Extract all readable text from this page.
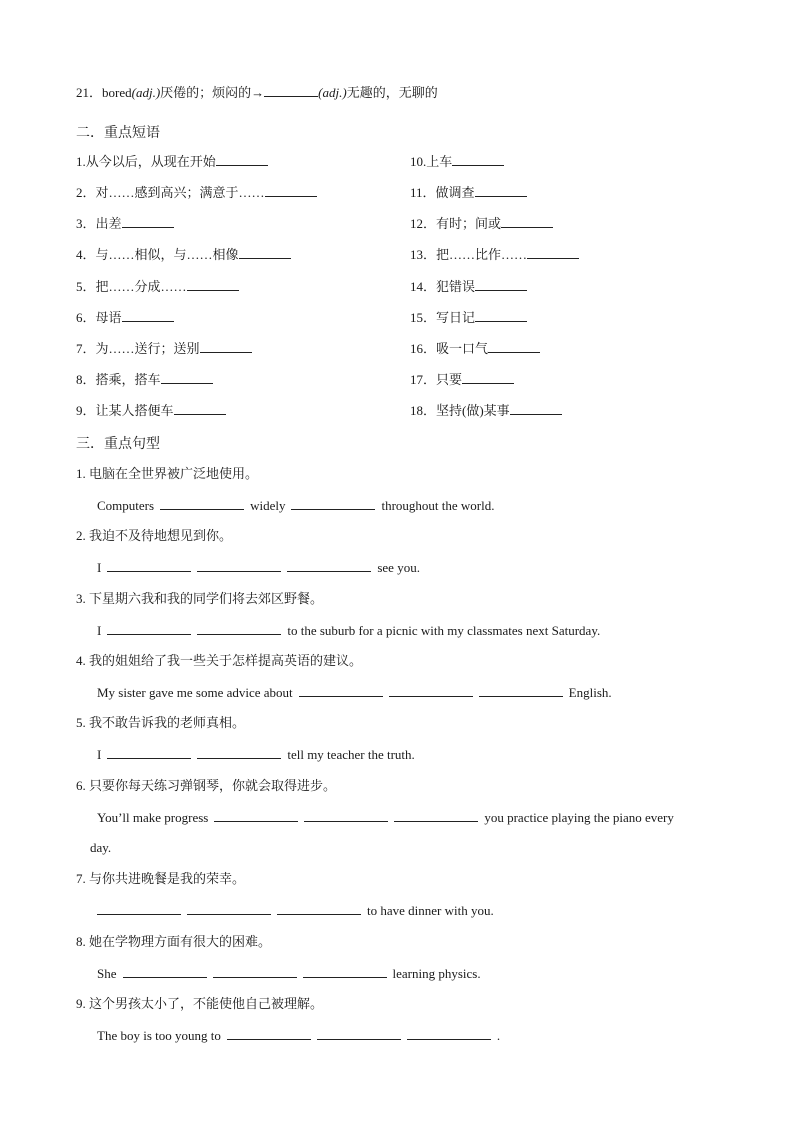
21．bored(adj.)厌倦的；烦闷的→	(adj.)无趣的，无聊的
二．重点短语
1.从今以后，从现在开始
2．对……感到高兴；满意于……
3．出差
4．与……相似，与……相像
5．把……分成……
6．母语
7．为……送行；送别
8．搭乘，搭车
9．让某人搭便车
10.上车
11．做调查
12．有时；间或
13．把……比作……
14．犯错误
15．写日记
16．吸一口气
17．只要
18．坚持(做)某事
三．重点句型
1. 电脑在全世界被广泛地使用。
Computers	widely	throughout the world.
2. 我迫不及待地想见到你。
I	see you.
3. 下星期六我和我的同学们将去郊区野餐。
I	to the suburb for a picnic with my classmates next Saturday.
4. 我的姐姐给了我一些关于怎样提高英语的建议。
My sister gave me some advice about	English.
5. 我不敢告诉我的老师真相。
I	tell my teacher the truth.
6. 只要你每天练习弹钢琴，你就会取得进步。
You’ll make progress	you practice playing the piano every
day.
7. 与你共进晚餐是我的荣幸。
to have dinner with you.
8. 她在学物理方面有很大的困难。
She	learning physics.
9. 这个男孩太小了，不能使他自己被理解。
The boy is too young to	.
